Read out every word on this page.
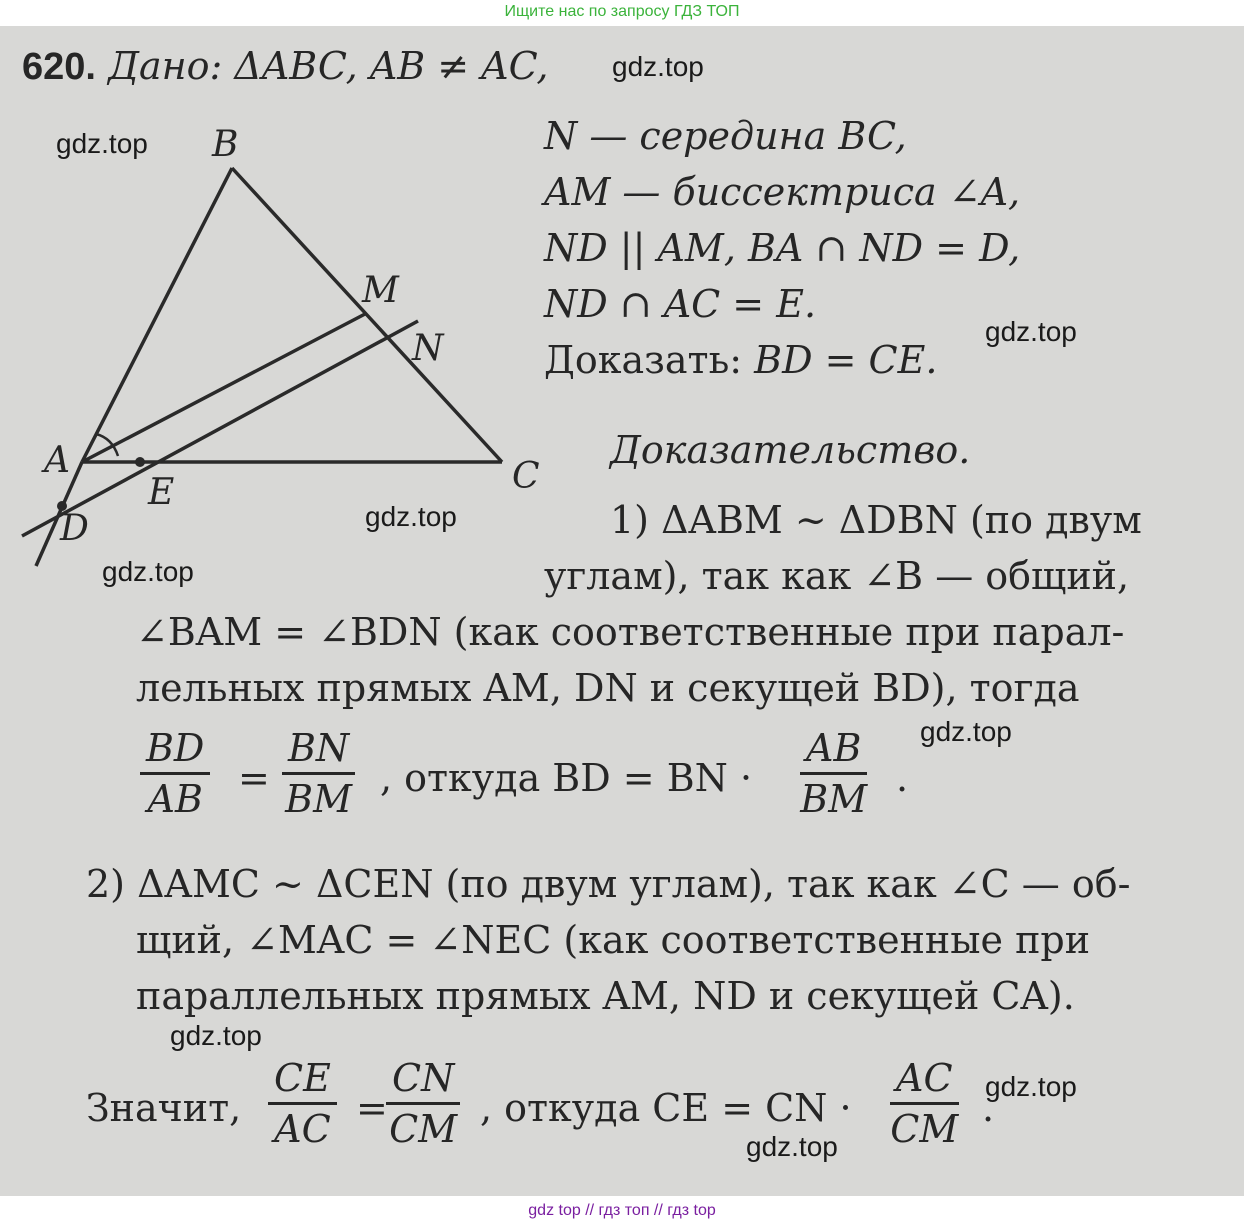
Ищите нас по запросу ГДЗ ТОП
620. Дано: ΔABC, AB ≠ AC, gdz.top
B
M
N
A	C
E
D
gdz.top	N — середина BC,
AM — биссектриса ∠A,
ND || AM, BA ∩ ND = D,
ND ∩ AC = E.
gdz.top
Доказать: BD = CE.
Доказательство.
1) ΔABM ~ ΔDBN (по двум
gdz.top
gdz.top	углам), так как ∠B — общий,
∠BAM = ∠BDN (как соответственные при парал-
лельных прямых AM, DN и секущей BD), тогда
$\frac{BD}{AB} = \frac{BN}{BM}$ , откуда BD = BN · $\frac{AB}{BM}$ .
gdz.top
2) ΔAMC ~ ΔCEN (по двум углам), так как ∠C — об-
щий, ∠MAC = ∠NEC (как соответственные при
параллельных прямых AM, ND и секущей CA).
gdz.top
Значит, $\frac{CE}{AC}$ =
$\frac{CN}{CM}$ , откуда CE = CN · $\frac{AC}{CM}$ .
gdz.top
gdz.top
gdz top // гдз топ // гдз top
